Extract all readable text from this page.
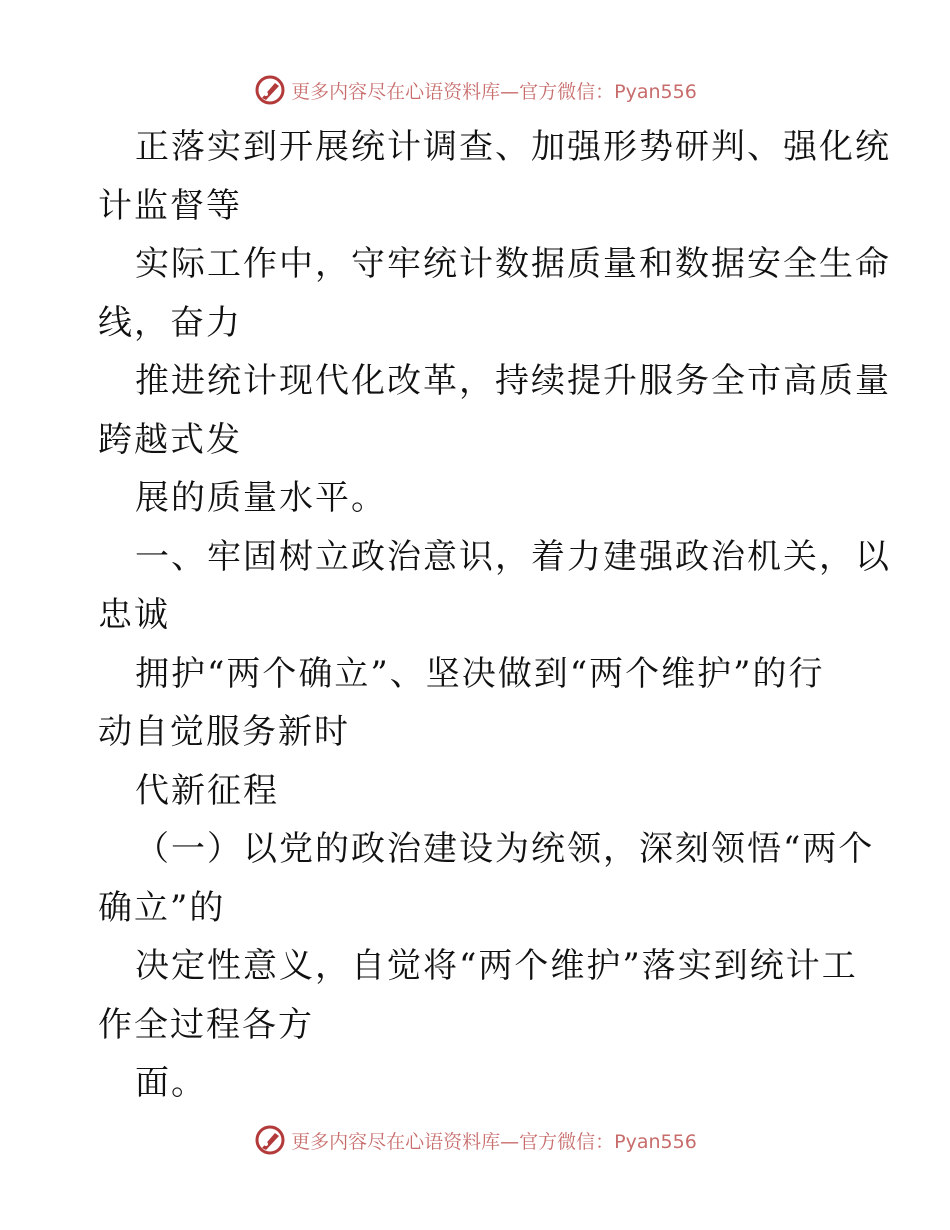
更多内容尽在心语资料库—官方微信：Pyan556
正落实到开展统计调查、加强形势研判、强化统
计监督等
实际工作中，守牢统计数据质量和数据安全生命
线，奋力
推进统计现代化改革，持续提升服务全市高质量
跨越式发
展的质量水平。
一、牢固树立政治意识，着力建强政治机关，以
忠诚
拥护“两个确立”、坚决做到“两个维护”的行
动自觉服务新时
代新征程
（一）以党的政治建设为统领，深刻领悟“两个
确立”的
决定性意义，自觉将“两个维护”落实到统计工
作全过程各方
面。
更多内容尽在心语资料库—官方微信：Pyan556
